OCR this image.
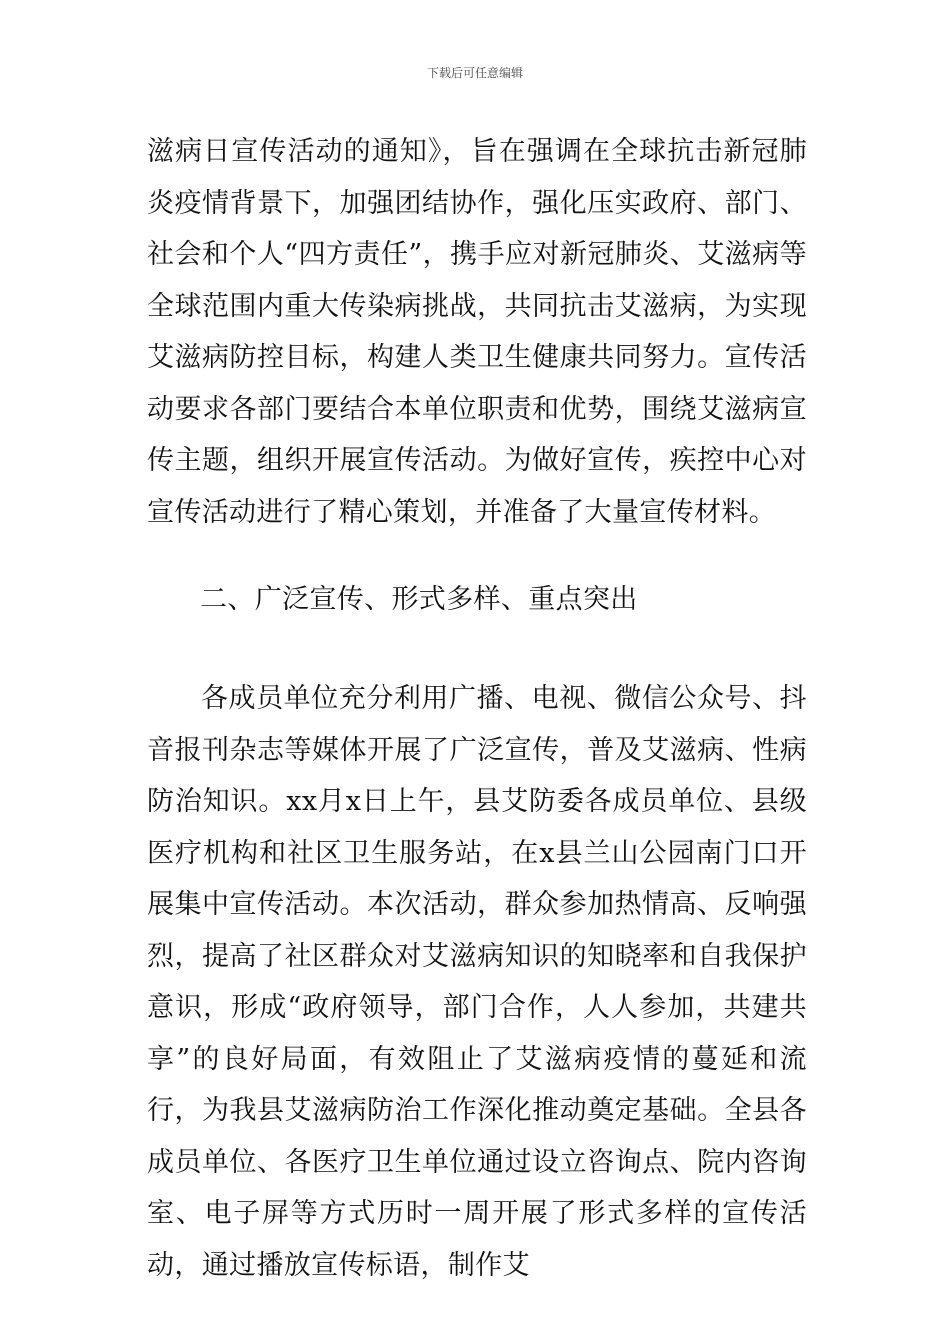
下载后可任意编辑

滋病日宣传活动的通知》，旨在强调在全球抗击新冠肺炎疫情背景下，加强团结协作，强化压实政府、部门、社会和个人“四方责任”，携手应对新冠肺炎、艾滋病等全球范围内重大传染病挑战，共同抗击艾滋病，为实现艾滋病防控目标，构建人类卫生健康共同努力。宣传活动要求各部门要结合本单位职责和优势，围绕艾滋病宣传主题，组织开展宣传活动。为做好宣传，疾控中心对宣传活动进行了精心策划，并准备了大量宣传材料。

二、广泛宣传、形式多样、重点突出

各成员单位充分利用广播、电视、微信公众号、抖音报刊杂志等媒体开展了广泛宣传，普及艾滋病、性病防治知识。xx月x日上午，县艾防委各成员单位、县级医疗机构和社区卫生服务站，在x县兰山公园南门口开展集中宣传活动。本次活动，群众参加热情高、反响强烈，提高了社区群众对艾滋病知识的知晓率和自我保护意识，形成“政府领导，部门合作，人人参加，共建共享”的良好局面，有效阻止了艾滋病疫情的蔓延和流行，为我县艾滋病防治工作深化推动奠定基础。全县各成员单位、各医疗卫生单位通过设立咨询点、院内咨询室、电子屏等方式历时一周开展了形式多样的宣传活动，通过播放宣传标语，制作艾
